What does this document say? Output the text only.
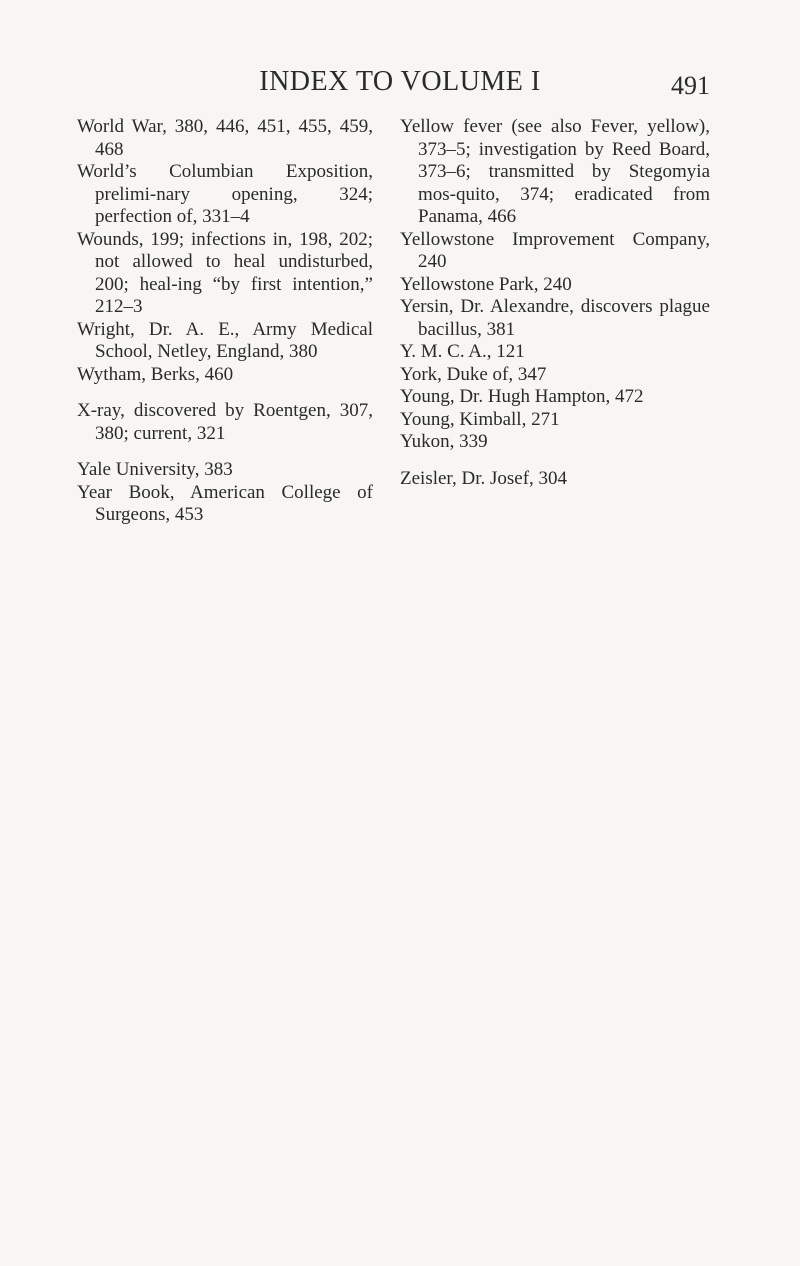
INDEX TO VOLUME I	491
World War, 380, 446, 451, 455, 459, 468
World’s Columbian Exposition, prelimi-nary opening, 324; perfection of, 331–4
Wounds, 199; infections in, 198, 202; not allowed to heal undisturbed, 200; heal-ing “by first intention,” 212–3
Wright, Dr. A. E., Army Medical School, Netley, England, 380
Wytham, Berks, 460
X-ray, discovered by Roentgen, 307, 380; current, 321
Yale University, 383
Year Book, American College of Surgeons, 453
Yellow fever (see also Fever, yellow), 373–5; investigation by Reed Board, 373–6; transmitted by Stegomyia mos-quito, 374; eradicated from Panama, 466
Yellowstone Improvement Company, 240
Yellowstone Park, 240
Yersin, Dr. Alexandre, discovers plague bacillus, 381
Y. M. C. A., 121
York, Duke of, 347
Young, Dr. Hugh Hampton, 472
Young, Kimball, 271
Yukon, 339
Zeisler, Dr. Josef, 304
